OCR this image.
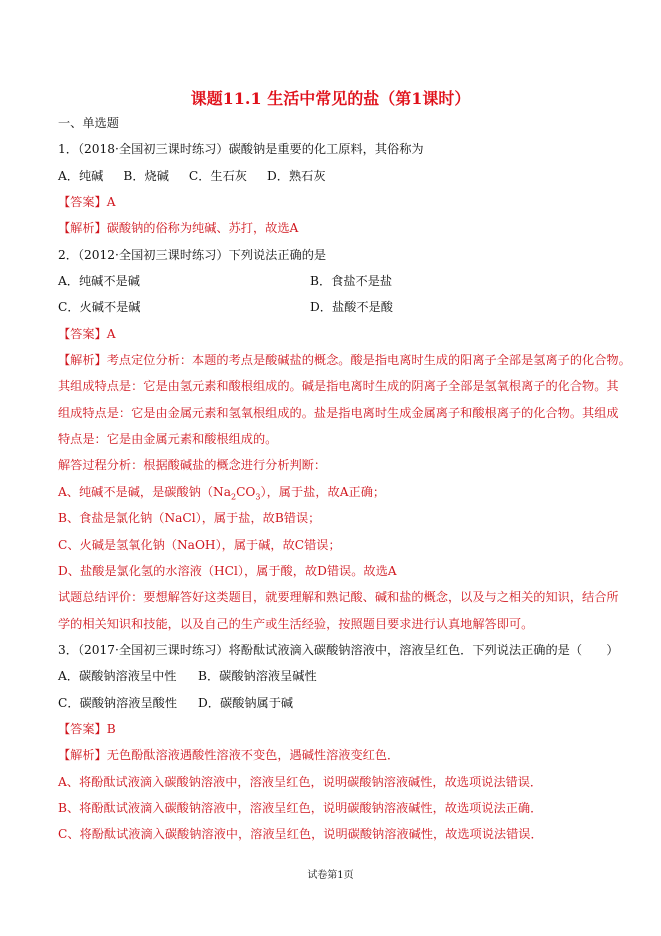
课题11.1 生活中常见的盐（第1课时）
一、单选题
1．（2018·全国初三课时练习）碳酸钠是重要的化工原料，其俗称为
A．纯碱 B．烧碱 C．生石灰 D．熟石灰
【答案】A
【解析】碳酸钠的俗称为纯碱、苏打，故选A
2．（2012·全国初三课时练习）下列说法正确的是
A．纯碱不是碱	B．食盐不是盐
C．火碱不是碱	D．盐酸不是酸
【答案】A
【解析】考点定位分析：本题的考点是酸碱盐的概念。酸是指电离时生成的阳离子全部是氢离子的化合物。
其组成特点是：它是由氢元素和酸根组成的。碱是指电离时生成的阴离子全部是氢氧根离子的化合物。其
组成特点是：它是由金属元素和氢氧根组成的。盐是指电离时生成金属离子和酸根离子的化合物。其组成
特点是：它是由金属元素和酸根组成的。
解答过程分析：根据酸碱盐的概念进行分析判断：
A、纯碱不是碱，是碳酸钠$(Na_2CO_3)$，属于盐，故A正确；
B、食盐是氯化钠（NaCl），属于盐，故B错误；
C、火碱是氢氧化钠（NaOH），属于碱，故C错误；
D、盐酸是氯化氢的水溶液（HCl），属于酸，故D错误。故选A
试题总结评价：要想解答好这类题目，就要理解和熟记酸、碱和盐的概念，以及与之相关的知识，结合所
学的相关知识和技能，以及自己的生产或生活经验，按照题目要求进行认真地解答即可。
3．（2017·全国初三课时练习）将酚酞试液滴入碳酸钠溶液中，溶液呈红色．下列说法正确的是（　　）
A．碳酸钠溶液呈中性 B．碳酸钠溶液呈碱性
C．碳酸钠溶液呈酸性 D．碳酸钠属于碱
【答案】B
【解析】无色酚酞溶液遇酸性溶液不变色，遇碱性溶液变红色．
A、将酚酞试液滴入碳酸钠溶液中，溶液呈红色，说明碳酸钠溶液碱性，故选项说法错误．
B、将酚酞试液滴入碳酸钠溶液中，溶液呈红色，说明碳酸钠溶液碱性，故选项说法正确．
C、将酚酞试液滴入碳酸钠溶液中，溶液呈红色，说明碳酸钠溶液碱性，故选项说法错误．
试卷第1页
